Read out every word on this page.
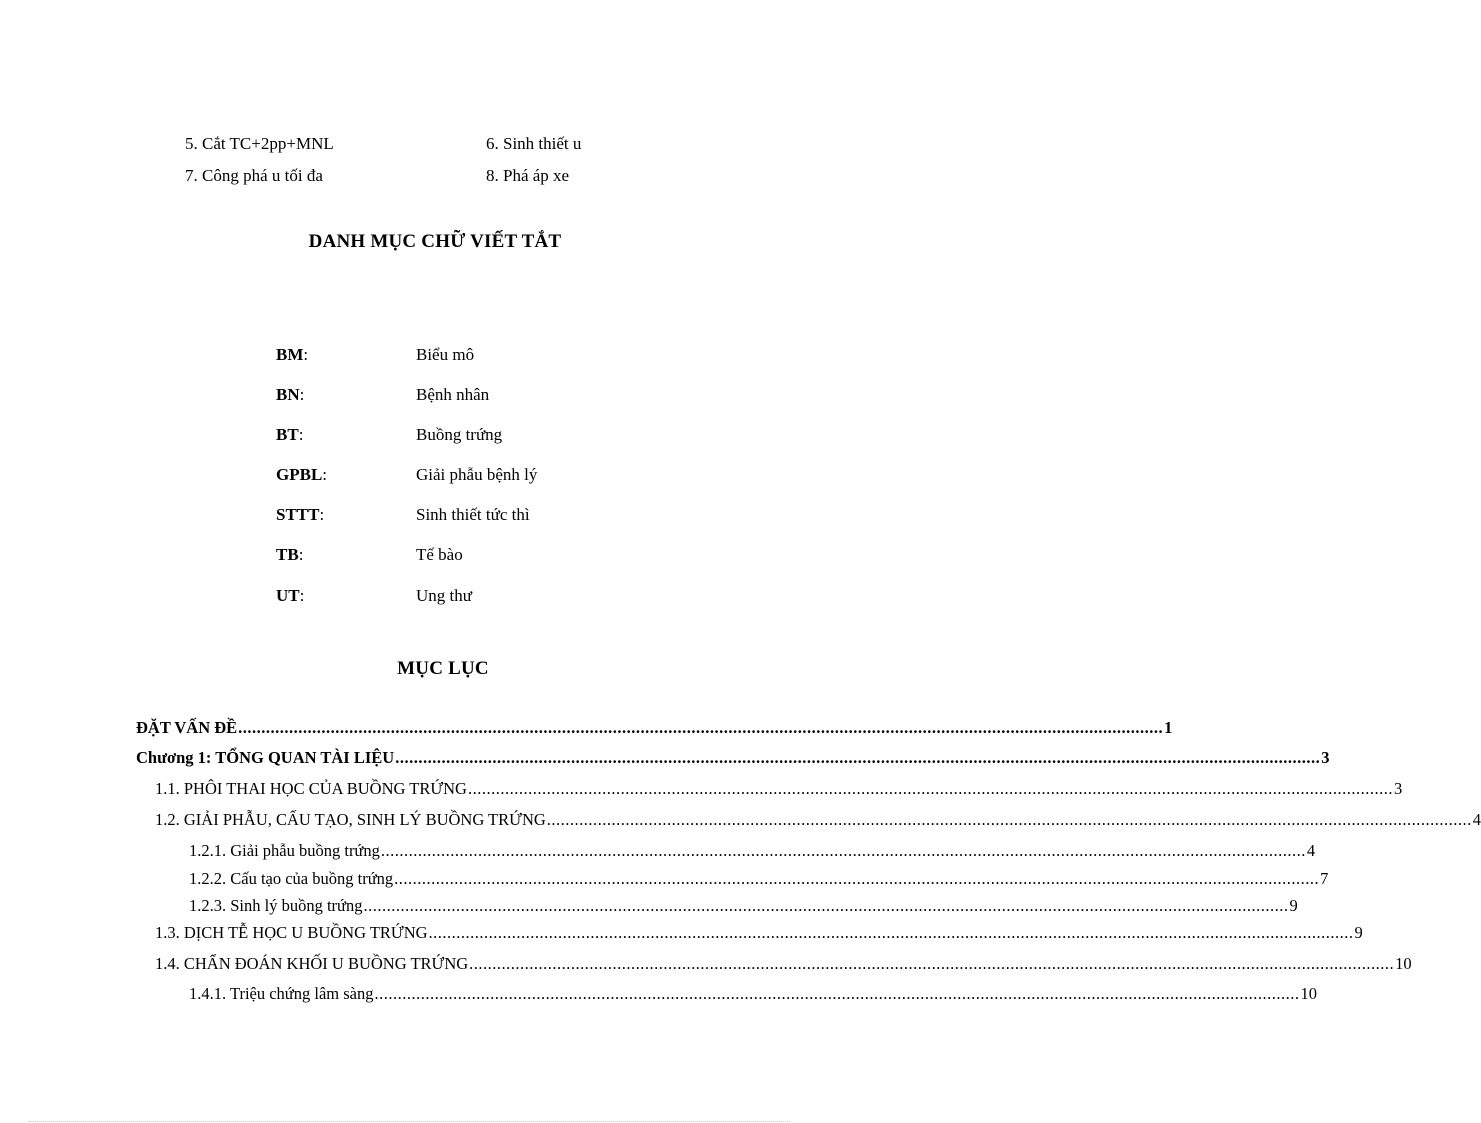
5. Cắt TC+2pp+MNL	6. Sinh thiết u
7. Công phá u tối đa	8. Phá áp xe
DANH MỤC CHỮ VIẾT TẮT
BM:	Biểu mô
BN:	Bệnh nhân
BT:	Buồng trứng
GPBL:	Giải phẫu bệnh lý
STTT:	Sinh thiết tức thì
TB:	Tế bào
UT:	Ung thư
MỤC LỤC
ĐẶT VẤN ĐỀ ........................................................................................................................................................................................................ 1
Chương 1: TỔNG QUAN TÀI LIỆU ........................................................................................................................................................................................................ 3
1.1. PHÔI THAI HỌC CỦA BUỒNG TRỨNG ........................................................................................................................................................................................................ 3
1.2. GIẢI PHẪU, CẤU TẠO, SINH LÝ BUỒNG TRỨNG ........................................................................................................................................................................................................ 4
1.2.1. Giải phẫu buồng trứng ........................................................................................................................................................................................................ 4
1.2.2. Cấu tạo của buồng trứng ........................................................................................................................................................................................................ 7
1.2.3. Sinh lý buồng trứng ........................................................................................................................................................................................................ 9
1.3. DỊCH TỄ HỌC U BUỒNG TRỨNG ........................................................................................................................................................................................................ 9
1.4. CHẨN ĐOÁN KHỐI U BUỒNG TRỨNG ........................................................................................................................................................................................................ 10
1.4.1. Triệu chứng lâm sàng ........................................................................................................................................................................................................ 10
